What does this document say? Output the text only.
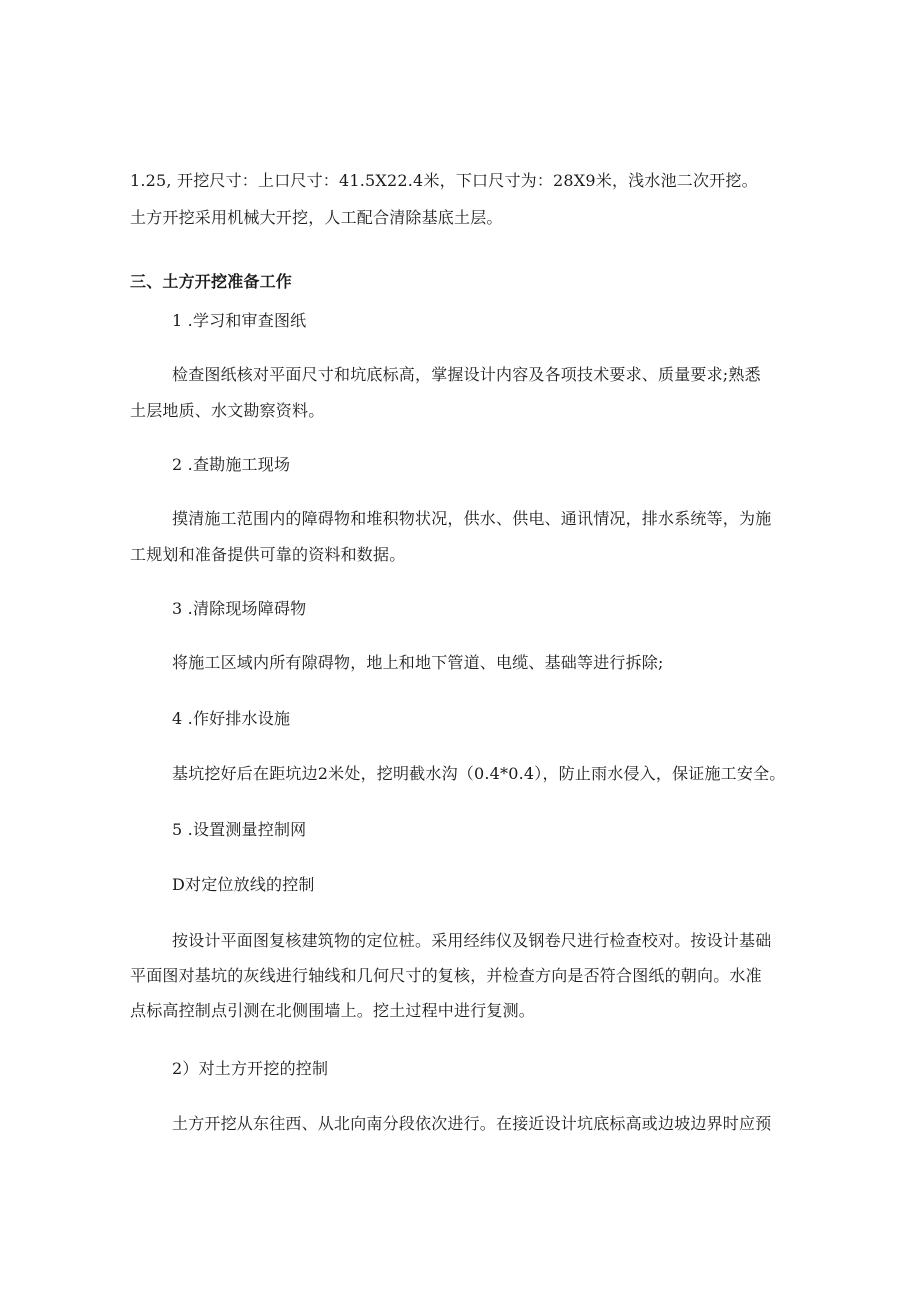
1.25, 开挖尺寸：上口尺寸：41.5X22.4米，下口尺寸为：28X9米，浅水池二次开挖。
土方开挖采用机械大开挖，人工配合清除基底土层。
三、土方开挖准备工作
1 .学习和审查图纸
检查图纸核对平面尺寸和坑底标高，掌握设计内容及各项技术要求、质量要求;熟悉
土层地质、水文勘察资料。
2 .查勘施工现场
摸清施工范围内的障碍物和堆积物状况，供水、供电、通讯情况，排水系统等，为施
工规划和准备提供可靠的资料和数据。
3 .清除现场障碍物
将施工区域内所有隙碍物，地上和地下管道、电缆、基础等进行拆除;
4 .作好排水设施
基坑挖好后在距坑边2米处，挖明截水沟（0.4*0.4），防止雨水侵入，保证施工安全。
5 .设置测量控制网
D对定位放线的控制
按设计平面图复核建筑物的定位桩。采用经纬仪及钢卷尺进行检查校对。按设计基础
平面图对基坑的灰线进行轴线和几何尺寸的复核，并检查方向是否符合图纸的朝向。水准
点标高控制点引测在北侧围墙上。挖土过程中进行复测。
2）对土方开挖的控制
土方开挖从东往西、从北向南分段依次进行。在接近设计坑底标高或边坡边界时应预
